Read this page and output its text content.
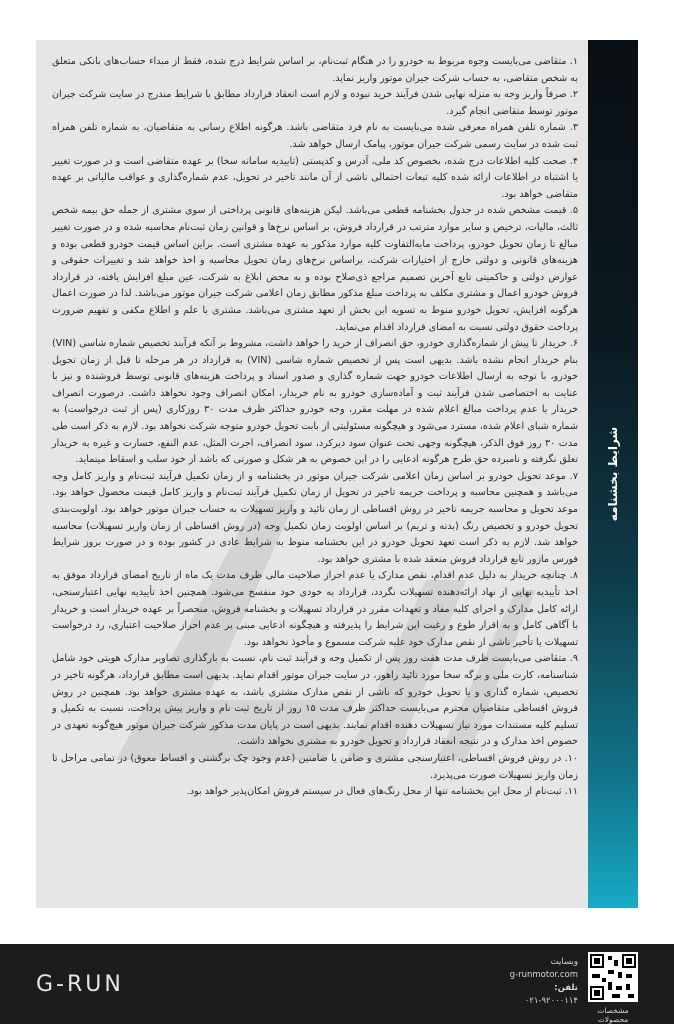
۱. متقاضی می‌بایست وجوه مربوط به خودرو را در هنگام ثبت‌نام، بر اساس شرایط درج شده، فقط از مبداء حساب‌های بانکی متعلق به شخص متقاضی، به حساب شرکت جیران موتور واریز نماید.

۲. صرفاً واریز وجه به منزله نهایی شدن فرآیند خرید نبوده و لازم است انعقاد قرارداد مطابق با شرایط مندرج در سایت شرکت جیران موتور توسط متقاضی انجام گیرد.

۳. شماره تلفن همراه معرفی شده می‌بایست به نام فرد متقاضی باشد. هرگونه اطلاع رسانی به متقاضیان، به شماره تلفن همراه ثبت شده در سایت رسمی شرکت جیران موتور، پیامک ارسال خواهد شد.

۴. صحت کلیه اطلاعات درج شده، بخصوص کد ملی، آدرس و کدپستی (تاییدیه سامانه سخا) بر عهده متقاضی است و در صورت تغییر یا اشتباه در اطلاعات ارائه شده کلیه تبعات احتمالی ناشی از آن مانند تاخیر در تحویل، عدم شماره‌گذاری و عواقب مالیاتی بر عهده متقاضی خواهد بود.

۵. قیمت مشخص شده در جدول بخشنامه قطعی می‌باشد. لیکن هزینه‌های قانونی پرداختی از سوی مشتری از جمله حق بیمه شخص ثالث، مالیات، ترخیص و سایر موارد مترتب در قرارداد فروش، بر اساس نرخ‌ها و قوانین زمان ثبت‌نام محاسبه شده و در صورت تغییر مبالغ تا زمان تحویل خودرو، پرداخت مابه‌التفاوت کلیه موارد مذکور به عهده مشتری است. براین اساس قیمت خودرو قطعی بوده و هزینه‌های قانونی و دولتی خارج از اختیارات شرکت، براساس نرخ‌های زمان تحویل محاسبه و اخذ خواهد شد و تغییرات حقوقی و عوارض دولتی و حاکمیتی تابع آخرین تصمیم مراجع ذی‌صلاح بوده و به محض ابلاغ به شرکت، عین مبلغ افزایش یافته، در قرارداد فروش خودرو اعمال و مشتری مکلف به پرداخت مبلغ مذکور مطابق زمان اعلامی شرکت جیران موتور می‌باشد. لذا در صورت اعمال هرگونه افزایش، تحویل خودرو منوط به تسویه این بخش از تعهد مشتری می‌باشد. مشتری با علم و اطلاع مکفی و تفهیم ضرورت پرداخت حقوق دولتی نسبت به امضای قرارداد اقدام می‌نماید.

۶. خریدار تا پیش از شماره‌گذاری خودرو، حق انصراف از خرید را خواهد داشت، مشروط بر آنکه فرآیند تخصیص شماره شاسی (VIN) بنام خریدار انجام نشده باشد. بدیهی است پس از تخصیص شماره شاسی (VIN) به قرارداد در هر مرحله تا قبل از زمان تحویل خودرو، با توجه به ارسال اطلاعات خودرو جهت شماره گذاری و صدور اسناد و پرداخت هزینه‌های قانونی توسط فروشنده و نیز با عنایت به اختصاصی شدن فرآیند ثبت و آماده‌سازی خودرو به نام خریدار، امکان انصراف وجود نخواهد داشت. درصورت انصراف خریدار یا عدم پرداخت مبالغ اعلام شده در مهلت مقرر، وجه خودرو حداکثر ظرف مدت ۳۰ روزکاری (پس از ثبت درخواست) به شماره شبای اعلام شده، مسترد می‌شود و هیچگونه مسئولیتی از بابت تحویل خودرو متوجه شرکت نخواهد بود. لازم به ذکر است طی مدت ۳۰ روز فوق الذکر، هیچگونه وجهی تحت عنوان سود دیرکرد، سود انصراف، اجرت المثل، عدم النفع، خسارت و غیره به خریدار تعلق نگرفته و نامبرده حق طرح هرگونه ادعایی را در این خصوص به هر شکل و صورتی که باشد از خود سلب و اسقاط مینماید.

۷. موعد تحویل خودرو بر اساس زمان اعلامی شرکت جیران موتور در بخشنامه و از زمان تکمیل فرآیند ثبت‌نام و واریز کامل وجه می‌باشد و همچنین محاسبه و پرداخت جریمه تاخیر در تحویل از زمان تکمیل فرآیند ثبت‌نام و واریز کامل قیمت محصول خواهد بود. موعد تحویل و محاسبه جریمه تاخیر در روش اقساطی از زمان تائید و واریز تسهیلات به حساب جیران موتور خواهد بود. اولویت‌بندی تحویل خودرو و تخصیص رنگ (بدنه و تریم) بر اساس اولویت زمان تکمیل وجه (در روش اقساطی از زمان واریز تسهیلات) محاسبه خواهد شد. لازم به ذکر است تعهد تحویل خودرو در این بخشنامه منوط به شرایط عادی در کشور بوده و در صورت بروز شرایط فورس ماژور تابع قرارداد فروش منعقد شده با مشتری خواهد بود.

۸. چنانچه خریدار به دلیل عدم اقدام، نقص مدارک یا عدم احراز صلاحیت مالی ظرف مدت یک ماه از تاریخ امضای قرارداد موفق به اخذ تأییدیه نهایی از نهاد ارائه‌دهنده تسهیلات نگردد، قرارداد به خودی خود منفسخ می‌شود. همچنین اخذ تأییدیه نهایی اعتبارسنجی، ارائه کامل مدارک و اجرای کلیه مفاد و تعهدات مقرر در قرارداد تسهیلات و بخشنامه فروش، منحصراً بر عهده خریدار است و خریدار با آگاهی کامل و به اقرار طوع و رغبت این شرایط را پذیرفته و هیچگونه ادعایی مبنی بر عدم احراز صلاحیت اعتباری، رد درخواست تسهیلات یا تأخیر ناشی از نقص مدارک خود علیه شرکت مسموع و مأخوذ نخواهد بود.

۹. متقاضی می‌بایست ظرف مدت هفت روز پس از تکمیل وجه و فرآیند ثبت نام، نسبت به بارگذاری تصاویر مدارک هویتی خود شامل شناسنامه، کارت ملی و برگه سخا مورد تائید راهور، در سایت جیران موتور اقدام نماید. بدیهی است مطابق قرارداد، هرگونه تاخیر در تخصیص، شماره گذاری و یا تحویل خودرو که ناشی از نقص مدارک مشتری باشد، به عهده مشتری خواهد بود. همچنین در روش فروش اقساطی متقاضیان محترم می‌بایست حداکثر ظرف مدت ۱۵ روز از تاریخ ثبت نام و واریز پیش پرداخت، نسبت به تکمیل و تسلیم کلیه مستندات مورد نیاز تسهیلات دهنده اقدام نمایند. بدیهی است در پایان مدت مذکور شرکت جیران موتور هیچ‌گونه تعهدی در خصوص اخذ مدارک و در نتیجه انعقاد قرارداد و تحویل خودرو به مشتری نخواهد داشت.

۱۰. در روش فروش اقساطی، اعتبارسنجی مشتری و ضامن یا ضامنین (عدم وجود چک برگشتی و اقساط معوق) در تمامی مراحل تا زمان واریز تسهیلات صورت می‌پذیرد.

۱۱. ثبت‌نام از محل این بخشنامه تنها از محل رنگ‌های فعال در سیستم فروش امکان‌پذیر خواهد بود.

شرایط بخشنامه
G-RUN
وبسایت
g-runmotor.com
تلفن:
۰۲۱-۹۲۰۰۰۱۱۴
مشخصات محصولات
